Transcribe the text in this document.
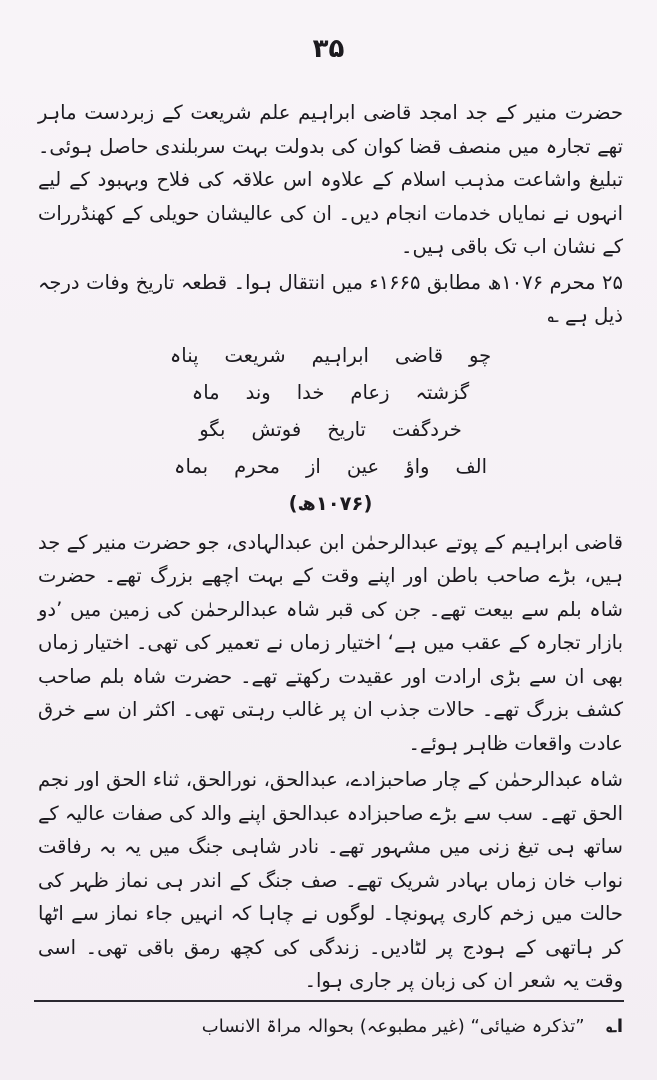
۳۵

حضرت منیر کے جد امجد قاضی ابراہیم علم شریعت کے زبردست ماہر تھے تجارہ میں منصف قضا کوان کی بدولت بہت سربلندی حاصل ہوئی۔ تبلیغ واشاعت مذہب اسلام کے علاوہ اس علاقہ کی فلاح وبہبود کے لیے انہوں نے نمایاں خدمات انجام دیں۔ ان کی عالیشان حویلی کے کھنڈررات کے نشان اب تک باقی ہیں۔

۲۵ محرم ۱۰۷۶ھ مطابق ۱۶۶۵ء میں انتقال ہوا۔ قطعہ تاریخ وفات درجہ ذیل ہے ؎

چو
قاضی
ابراہیم
شریعت
پناہ
گزشتہ
زعام
خدا
وند
ماہ
خردگفت
تاریخ
فوتش
بگو
الف
واؤ
عین
از
محرم
بماہ
(۱۰۷۶ھ)

قاضی ابراہیم کے پوتے عبدالرحمٰن ابن عبدالہادی، جو حضرت منیر کے جد ہیں، بڑے صاحب باطن اور اپنے وقت کے بہت اچھے بزرگ تھے۔ حضرت شاہ بلم سے بیعت تھے۔ جن کی قبر شاہ عبدالرحمٰن کی زمین میں ’دو بازار تجارہ کے عقب میں ہے‘ اختیار زماں نے تعمیر کی تھی۔ اختیار زماں بھی ان سے بڑی ارادت اور عقیدت رکھتے تھے۔ حضرت شاہ بلم صاحب کشف بزرگ تھے۔ حالات جذب ان پر غالب رہتی تھی۔ اکثر ان سے خرق عادت واقعات ظاہر ہوئے۔

شاہ عبدالرحمٰن کے چار صاحبزادے، عبدالحق، نورالحق، ثناء الحق اور نجم الحق تھے۔ سب سے بڑے صاحبزادہ عبدالحق اپنے والد کی صفات عالیہ کے ساتھ ہی تیغ زنی میں مشہور تھے۔ نادر شاہی جنگ میں یہ بہ رفاقت نواب خان زماں بہادر شریک تھے۔ صف جنگ کے اندر ہی نماز ظہر کی حالت میں زخم کاری پہونچا۔ لوگوں نے چاہا کہ انہیں جاء نماز سے اٹھا کر ہاتھی کے ہودج پر لٹادیں۔ زندگی کی کچھ رمق باقی تھی۔ اسی وقت یہ شعر ان کی زبان پر جاری ہوا۔

ا؎ ”تذکرہ ضیائی“ (غیر مطبوعہ) بحوالہ مراۃ الانساب
